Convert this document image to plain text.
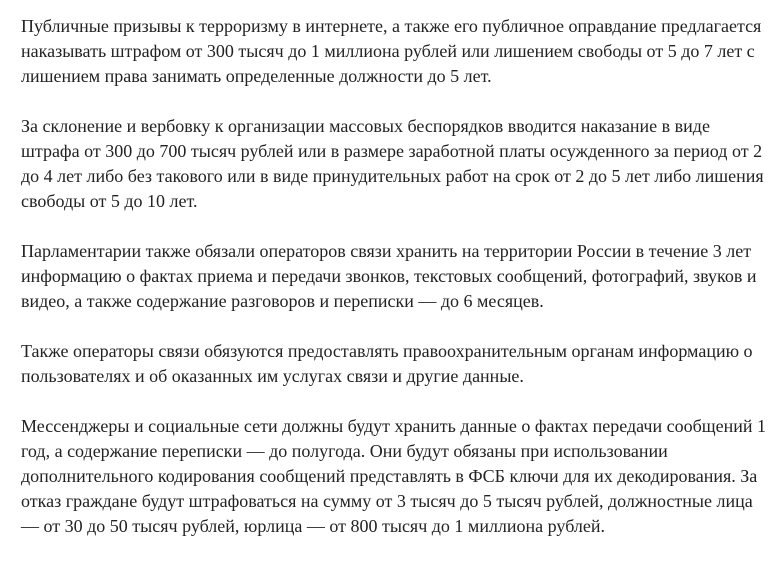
Публичные призывы к терроризму в интернете, а также его публичное оправдание предлагается наказывать штрафом от 300 тысяч до 1 миллиона рублей или лишением свободы от 5 до 7 лет с лишением права занимать определенные должности до 5 лет.

За склонение и вербовку к организации массовых беспорядков вводится наказание в виде штрафа от 300 до 700 тысяч рублей или в размере заработной платы осужденного за период от 2 до 4 лет либо без такового или в виде принудительных работ на срок от 2 до 5 лет либо лишения свободы от 5 до 10 лет.

Парламентарии также обязали операторов связи хранить на территории России в течение 3 лет информацию о фактах приема и передачи звонков, текстовых сообщений, фотографий, звуков и видео, а также содержание разговоров и переписки — до 6 месяцев.

Также операторы связи обязуются предоставлять правоохранительным органам информацию о пользователях и об оказанных им услугах связи и другие данные.

Мессенджеры и социальные сети должны будут хранить данные о фактах передачи сообщений 1 год, а содержание переписки — до полугода. Они будут обязаны при использовании дополнительного кодирования сообщений представлять в ФСБ ключи для их декодирования. За отказ граждане будут штрафоваться на сумму от 3 тысяч до 5 тысяч рублей, должностные лица — от 30 до 50 тысяч рублей, юрлица — от 800 тысяч до 1 миллиона рублей.
